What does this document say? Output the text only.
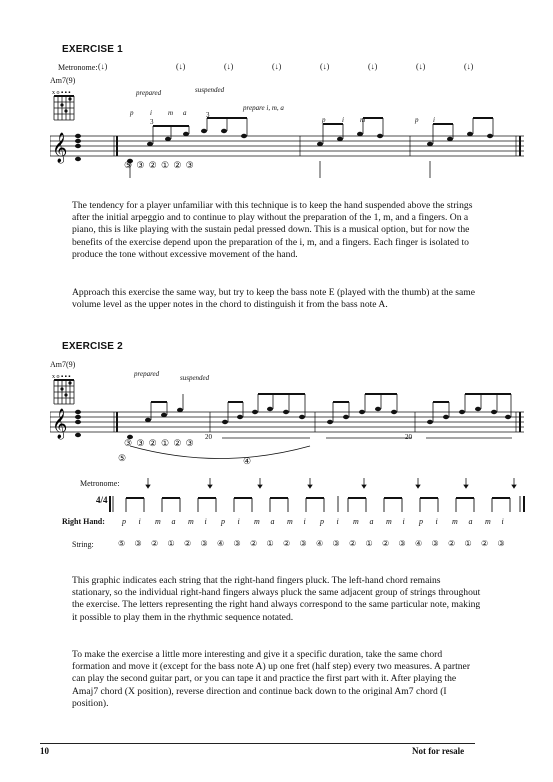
EXERCISE 1
Metronome: (↓)	(↓)	(↓)	(↓)	(↓)	(↓)	(↓)	(↓)
Am7(9)
x o ▪ ▪ ▪
𝄞
prepared	suspended
prepare i, m, a
p i m a
3
3
p i m	p i
⑤ ③ ② ① ② ③
The tendency for a player unfamiliar with this technique is to keep the hand suspended above the strings after the initial arpeggio and to continue to play without the preparation of the 1, m, and a fingers. On a piano, this is like playing with the sustain pedal pressed down. This is a musical option, but for now the benefits of the exercise depend upon the preparation of the i, m, and a fingers. Each finger is isolated to produce the tone without excessive movement of the hand.
Approach this exercise the same way, but try to keep the bass note E (played with the thumb) at the same volume level as the upper notes in the chord to distinguish it from the bass note A.
EXERCISE 2
Am7(9)
x o ▪ ▪ ▪
𝄞
prepared	suspended
③ ③ ② ① ② ③
⑤	④
20	20
Metronome:
4/4
Right Hand: p i m a m i p i m a m i p i m a m i p i m a m i
String:	⑤ ③ ② ① ② ③ ④ ③ ② ① ② ③ ④ ③ ② ① ② ③ ④ ③ ② ① ② ③
This graphic indicates each string that the right-hand fingers pluck. The left-hand chord remains stationary, so the individual right-hand fingers always pluck the same adjacent group of strings throughout the exercise. The letters representing the right hand always correspond to the same particular note, making it possible to play them in the rhythmic sequence notated.
To make the exercise a little more interesting and give it a specific duration, take the same chord formation and move it (except for the bass note A) up one fret (half step) every two measures. A partner can play the second guitar part, or you can tape it and practice the first part with it. After playing the Amaj7 chord (X position), reverse direction and continue back down to the original Am7 chord (I position).
10	Not for resale
